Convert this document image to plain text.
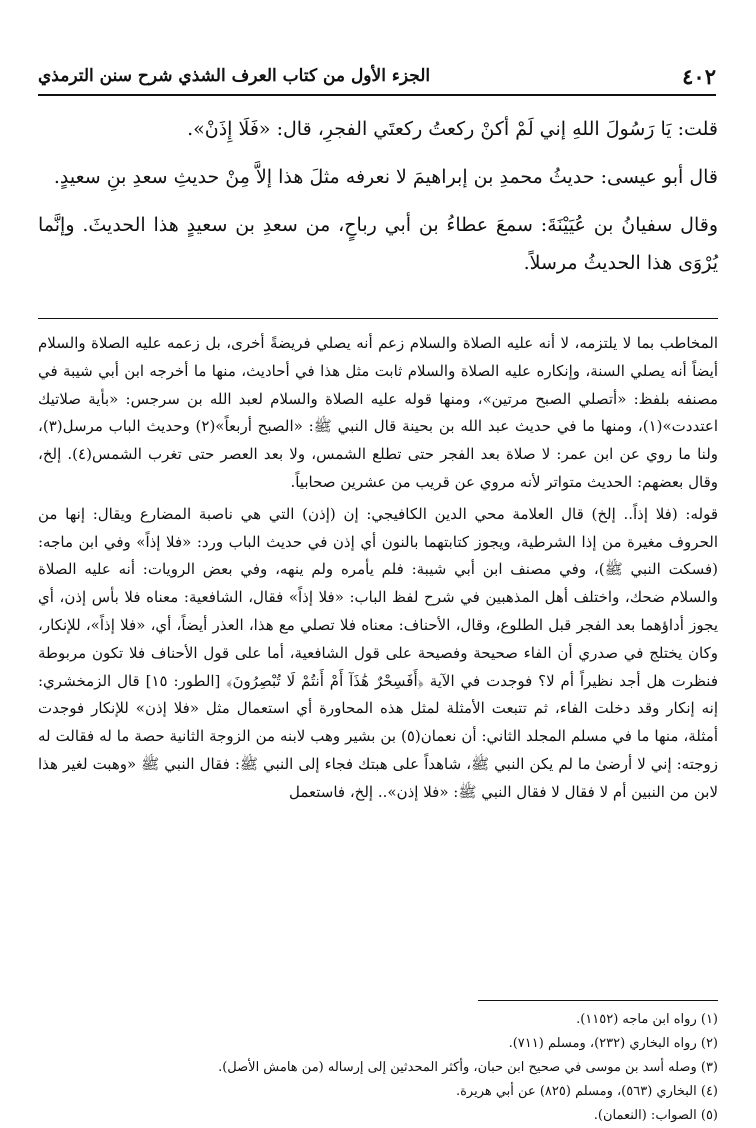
٤٠٢
الجزء الأول من كتاب العرف الشذي شرح سنن الترمذي

قلت: يَا رَسُولَ اللهِ إني لَمْ أكنْ ركعتُ ركعتَي الفجرِ، قال: «فَلَا إِذَنْ».

قال أبو عيسى: حديثُ محمدِ بن إبراهيمَ لا نعرفه مثلَ هذا إلاَّ مِنْ حديثِ سعدِ بنِ سعيدٍ.

وقال سفيانُ بن عُيَيْنَةَ: سمعَ عطاءُ بن أبي رباحٍ، من سعدِ بن سعيدٍ هذا الحديثَ. وإنَّما يُرْوَى هذا الحديثُ مرسلاً.

المخاطب بما لا يلتزمه، لا أنه عليه الصلاة والسلام زعم أنه يصلي فريضةً أخرى، بل زعمه عليه الصلاة والسلام أيضاً أنه يصلي السنة، وإنكاره عليه الصلاة والسلام ثابت مثل هذا في أحاديث، منها ما أخرجه ابن أبي شيبة في مصنفه بلفظ: «أتصلي الصبح مرتين»، ومنها قوله عليه الصلاة والسلام لعبد الله بن سرجس: «بأية صلاتيك اعتددت»(١)، ومنها ما في حديث عبد الله بن بحينة قال النبي ﷺ: «الصبح أربعاً»(٢) وحديث الباب مرسل(٣)، ولنا ما روي عن ابن عمر: لا صلاة بعد الفجر حتى تطلع الشمس، ولا بعد العصر حتى تغرب الشمس(٤). إلخ، وقال بعضهم: الحديث متواتر لأنه مروي عن قريب من عشرين صحابياً.

قوله: (فلا إذاً.. إلخ) قال العلامة محي الدين الكافيجي: إن (إذن) التي هي ناصبة المضارع ويقال: إنها من الحروف مغيرة من إذا الشرطية، ويجوز كتابتهما بالنون أي إذن في حديث الباب ورد: «فلا إذاً» وفي ابن ماجه: (فسكت النبي ﷺ)، وفي مصنف ابن أبي شيبة: فلم يأمره ولم ينهه، وفي بعض الرويات: أنه عليه الصلاة والسلام ضحك، واختلف أهل المذهبين في شرح لفظ الباب: «فلا إذاً» فقال، الشافعية: معناه فلا بأس إذن، أي يجوز أداؤهما بعد الفجر قبل الطلوع، وقال، الأحناف: معناه فلا تصلي مع هذا، العذر أيضاً، أي، «فلا إذاً»، للإنكار، وكان يختلج في صدري أن الفاء صحيحة وفصيحة على قول الشافعية، أما على قول الأحناف فلا تكون مربوطة فنظرت هل أجد نظيراً أم لا؟ فوجدت في الآية ﴿أَفَسِحْرٌ هَٰذَآ أَمْ أَنتُمْ لَا تُبْصِرُونَ﴾ [الطور: ١٥] قال الزمخشري: إنه إنكار وقد دخلت الفاء، ثم تتبعت الأمثلة لمثل هذه المحاورة أي استعمال مثل «فلا إذن» للإنكار فوجدت أمثلة، منها ما في مسلم المجلد الثاني: أن نعمان(٥) بن بشير وهب لابنه من الزوجة الثانية حصة ما له فقالت له زوجته: إني لا أرضىٰ ما لم يكن النبي ﷺ، شاهداً على هبتك فجاء إلى النبي ﷺ: فقال النبي ﷺ «وهبت لغير هذا لابن من النبين أم لا فقال لا فقال النبي ﷺ: «فلا إذن».. إلخ، فاستعمل

(١) رواه ابن ماجه (١١٥٢).
(٢) رواه البخاري (٢٣٢)، ومسلم (٧١١).
(٣) وصله أسد بن موسى في صحيح ابن حبان، وأكثر المحدثين إلى إرساله (من هامش الأصل).
(٤) البخاري (٥٦٣)، ومسلم (٨٢٥) عن أبي هريرة.
(٥) الصواب: (النعمان).
